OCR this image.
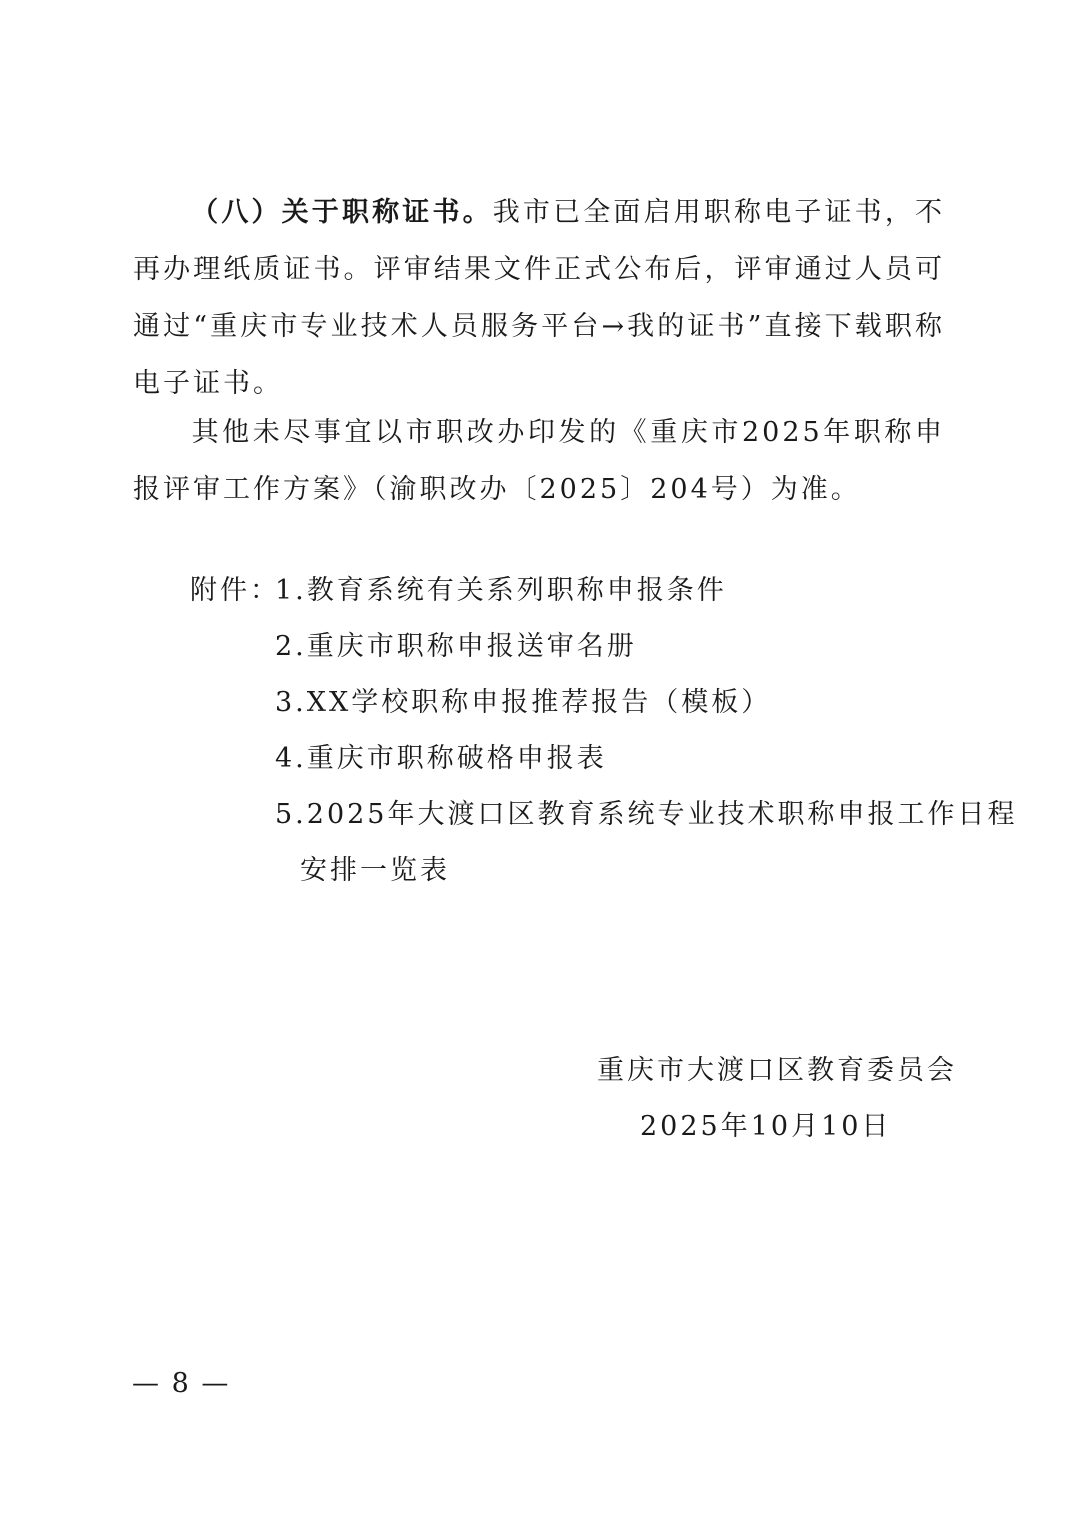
（八）关于职称证书。我市已全面启用职称电子证书，不再办理纸质证书。评审结果文件正式公布后，评审通过人员可通过“重庆市专业技术人员服务平台→我的证书”直接下载职称电子证书。

其他未尽事宜以市职改办印发的《重庆市2025年职称申报评审工作方案》（渝职改办〔2025〕204号）为准。

附件：
1.教育系统有关系列职称申报条件
2.重庆市职称申报送审名册
3.XX学校职称申报推荐报告（模板）
4.重庆市职称破格申报表
5.2025年大渡口区教育系统专业技术职称申报工作日程
安排一览表
重庆市大渡口区教育委员会
2025年10月10日
— 8 —
